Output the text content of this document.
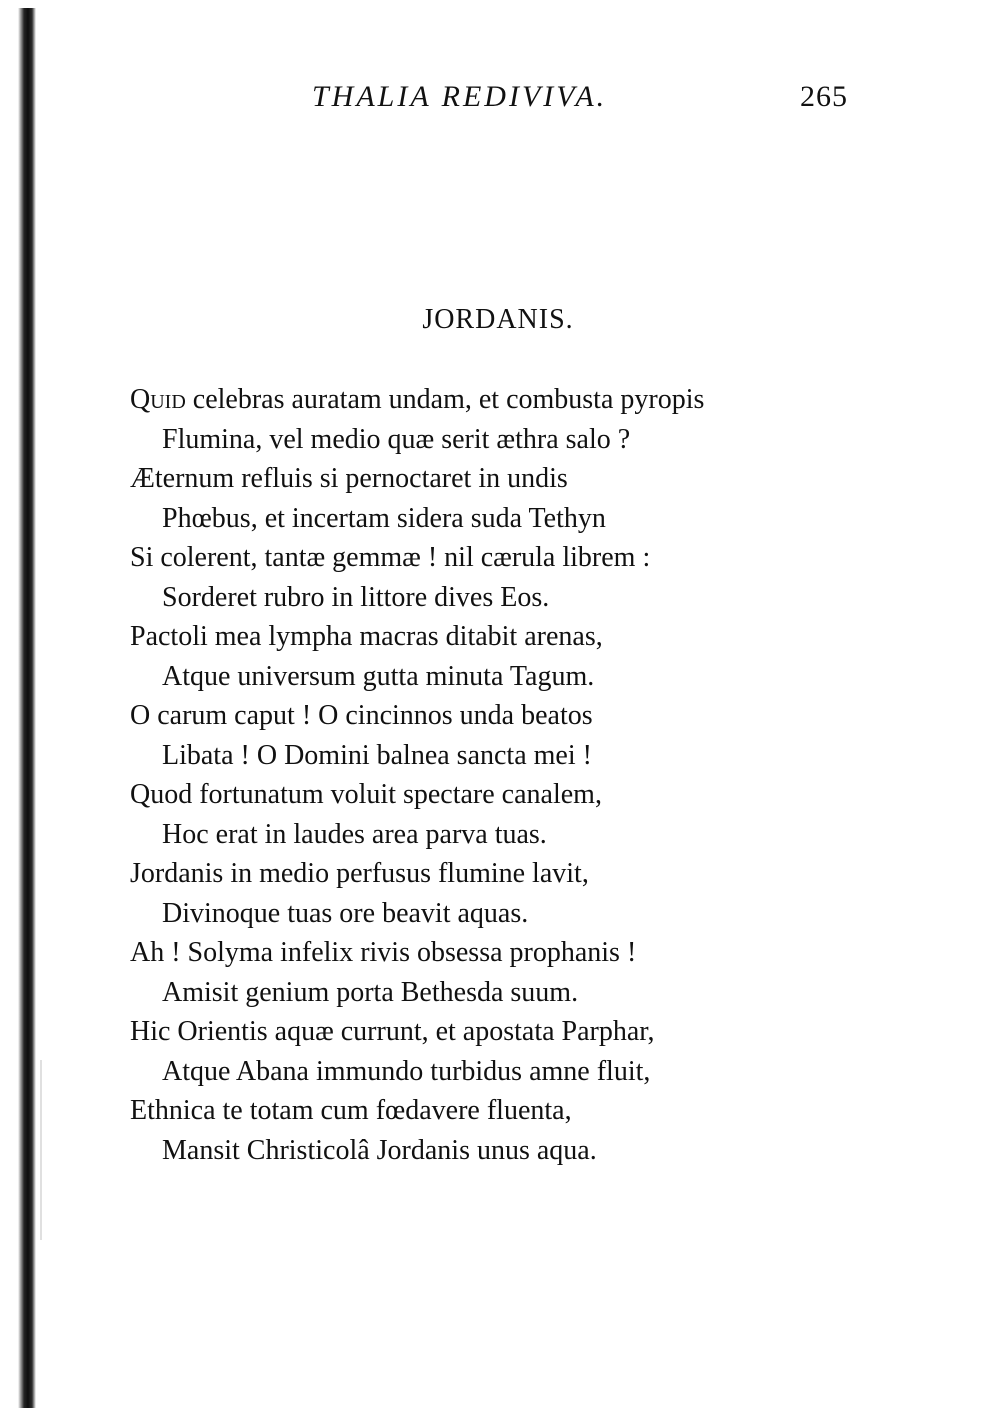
THALIA REDIVIVA.	265
JORDANIS.
Quid celebras auratam undam, et combusta pyropis
Flumina, vel medio quæ serit æthra salo ?
Æternum refluis si pernoctaret in undis
Phœbus, et incertam sidera suda Tethyn
Si colerent, tantæ gemmæ ! nil cærula librem :
Sorderet rubro in littore dives Eos.
Pactoli mea lympha macras ditabit arenas,
Atque universum gutta minuta Tagum.
O carum caput ! O cincinnos unda beatos
Libata ! O Domini balnea sancta mei !
Quod fortunatum voluit spectare canalem,
Hoc erat in laudes area parva tuas.
Jordanis in medio perfusus flumine lavit,
Divinoque tuas ore beavit aquas.
Ah ! Solyma infelix rivis obsessa prophanis !
Amisit genium porta Bethesda suum.
Hic Orientis aquæ currunt, et apostata Parphar,
Atque Abana immundo turbidus amne fluit,
Ethnica te totam cum fœdavere fluenta,
Mansit Christicolâ Jordanis unus aqua.
